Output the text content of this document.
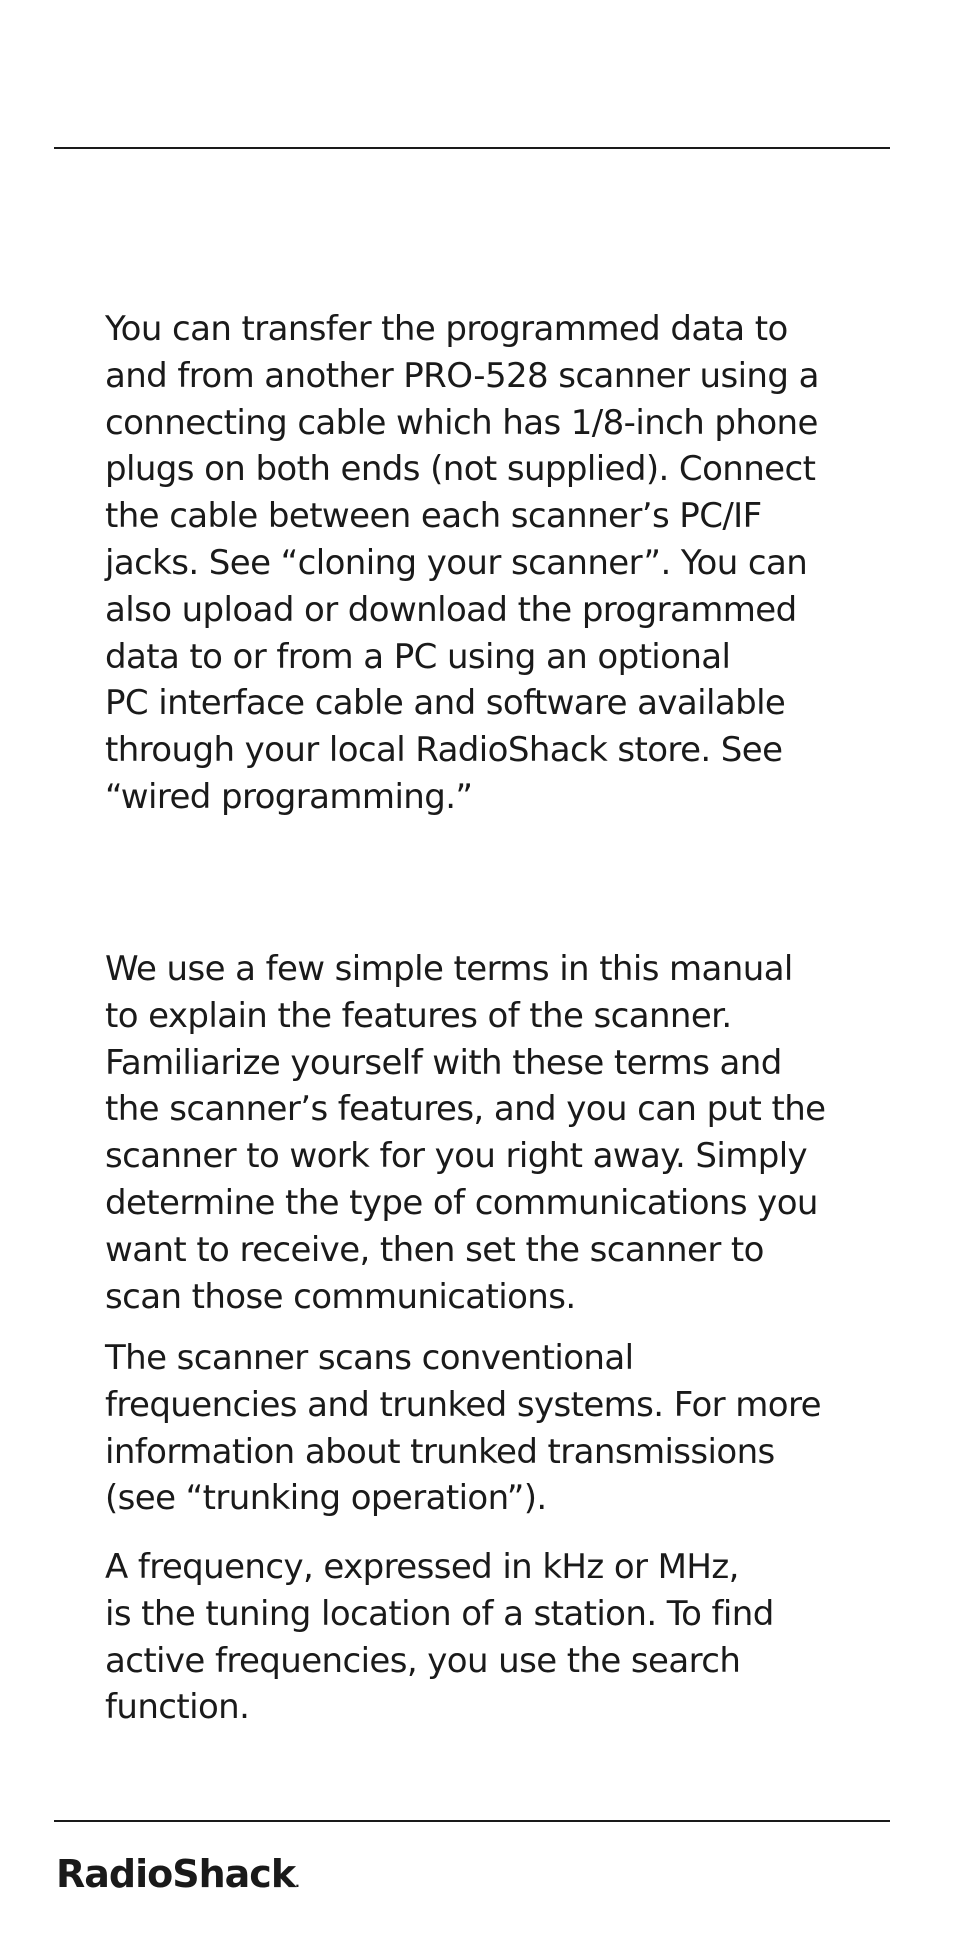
You can transfer the programmed data to
and from another PRO-528 scanner using a
connecting cable which has 1/8-inch phone
plugs on both ends (not supplied). Connect
the cable between each scanner’s PC/IF
jacks. See “cloning your scanner”. You can
also upload or download the programmed
data to or from a PC using an optional
PC interface cable and software available
through your local RadioShack store. See
“wired programming.”

We use a few simple terms in this manual
to explain the features of the scanner.
Familiarize yourself with these terms and
the scanner’s features, and you can put the
scanner to work for you right away. Simply
determine the type of communications you
want to receive, then set the scanner to
scan those communications.

The scanner scans conventional
frequencies and trunked systems. For more
information about trunked transmissions
(see “trunking operation”).

A frequency, expressed in kHz or MHz,
is the tuning location of a station. To find
active frequencies, you use the search
function.

RadioShack.
